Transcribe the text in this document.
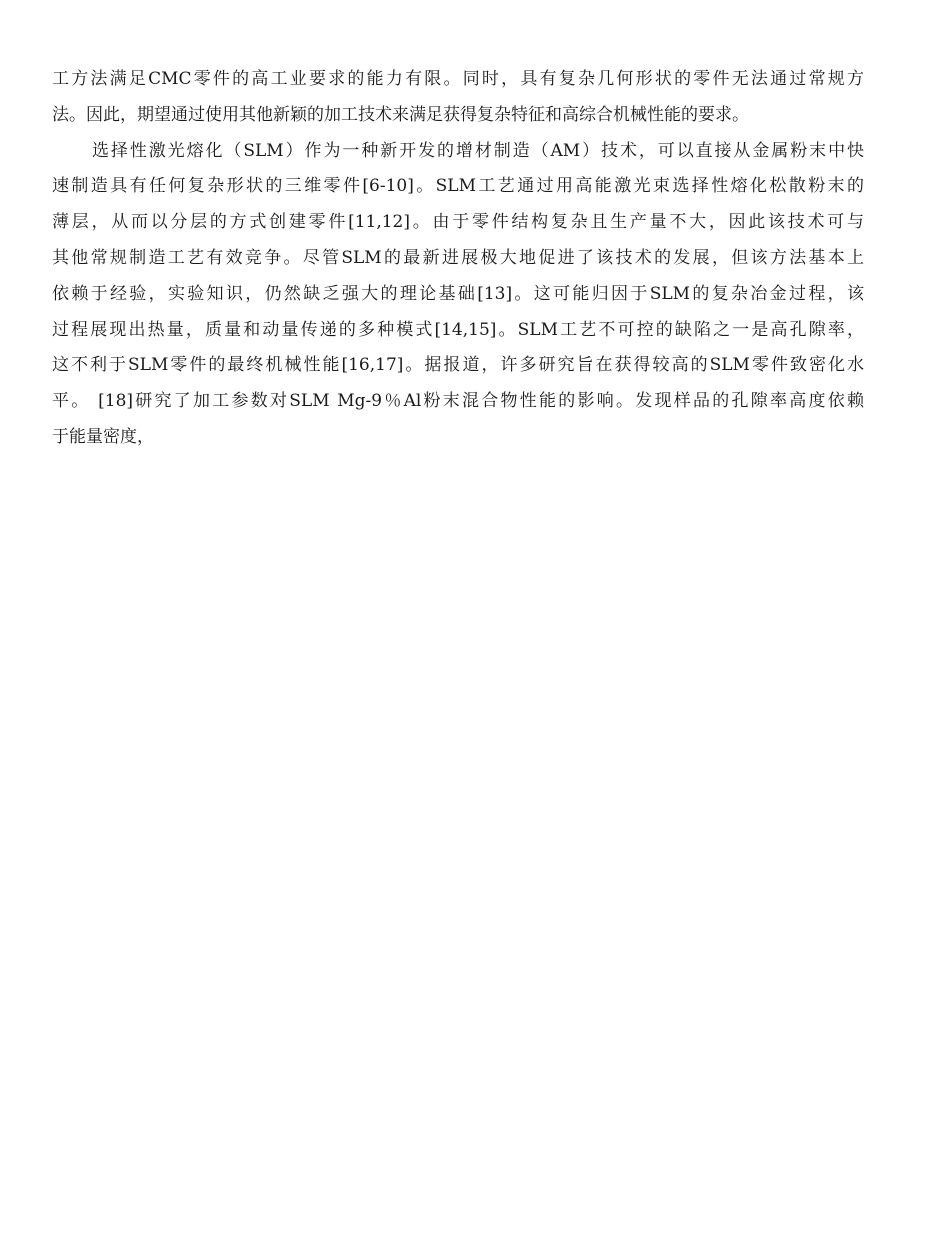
工方法满足CMC零件的高工业要求的能力有限。同时，具有复杂几何形状的零件无法通过常规方
法。因此，期望通过使用其他新颖的加工技术来满足获得复杂特征和高综合机械性能的要求。
选择性激光熔化（SLM）作为一种新开发的增材制造（AM）技术，可以直接从金属粉末中快
速制造具有任何复杂形状的三维零件[6-10]。SLM工艺通过用高能激光束选择性熔化松散粉末的
薄层，从而以分层的方式创建零件[11,12]。由于零件结构复杂且生产量不大，因此该技术可与
其他常规制造工艺有效竞争。尽管SLM的最新进展极大地促进了该技术的发展，但该方法基本上
依赖于经验，实验知识，仍然缺乏强大的理论基础[13]。这可能归因于SLM的复杂冶金过程，该
过程展现出热量，质量和动量传递的多种模式[14,15]。SLM工艺不可控的缺陷之一是高孔隙率，
这不利于SLM零件的最终机械性能[16,17]。据报道，许多研究旨在获得较高的SLM零件致密化水
平。 [18]研究了加工参数对SLM Mg-9％Al粉末混合物性能的影响。发现样品的孔隙率高度依赖
于能量密度，
